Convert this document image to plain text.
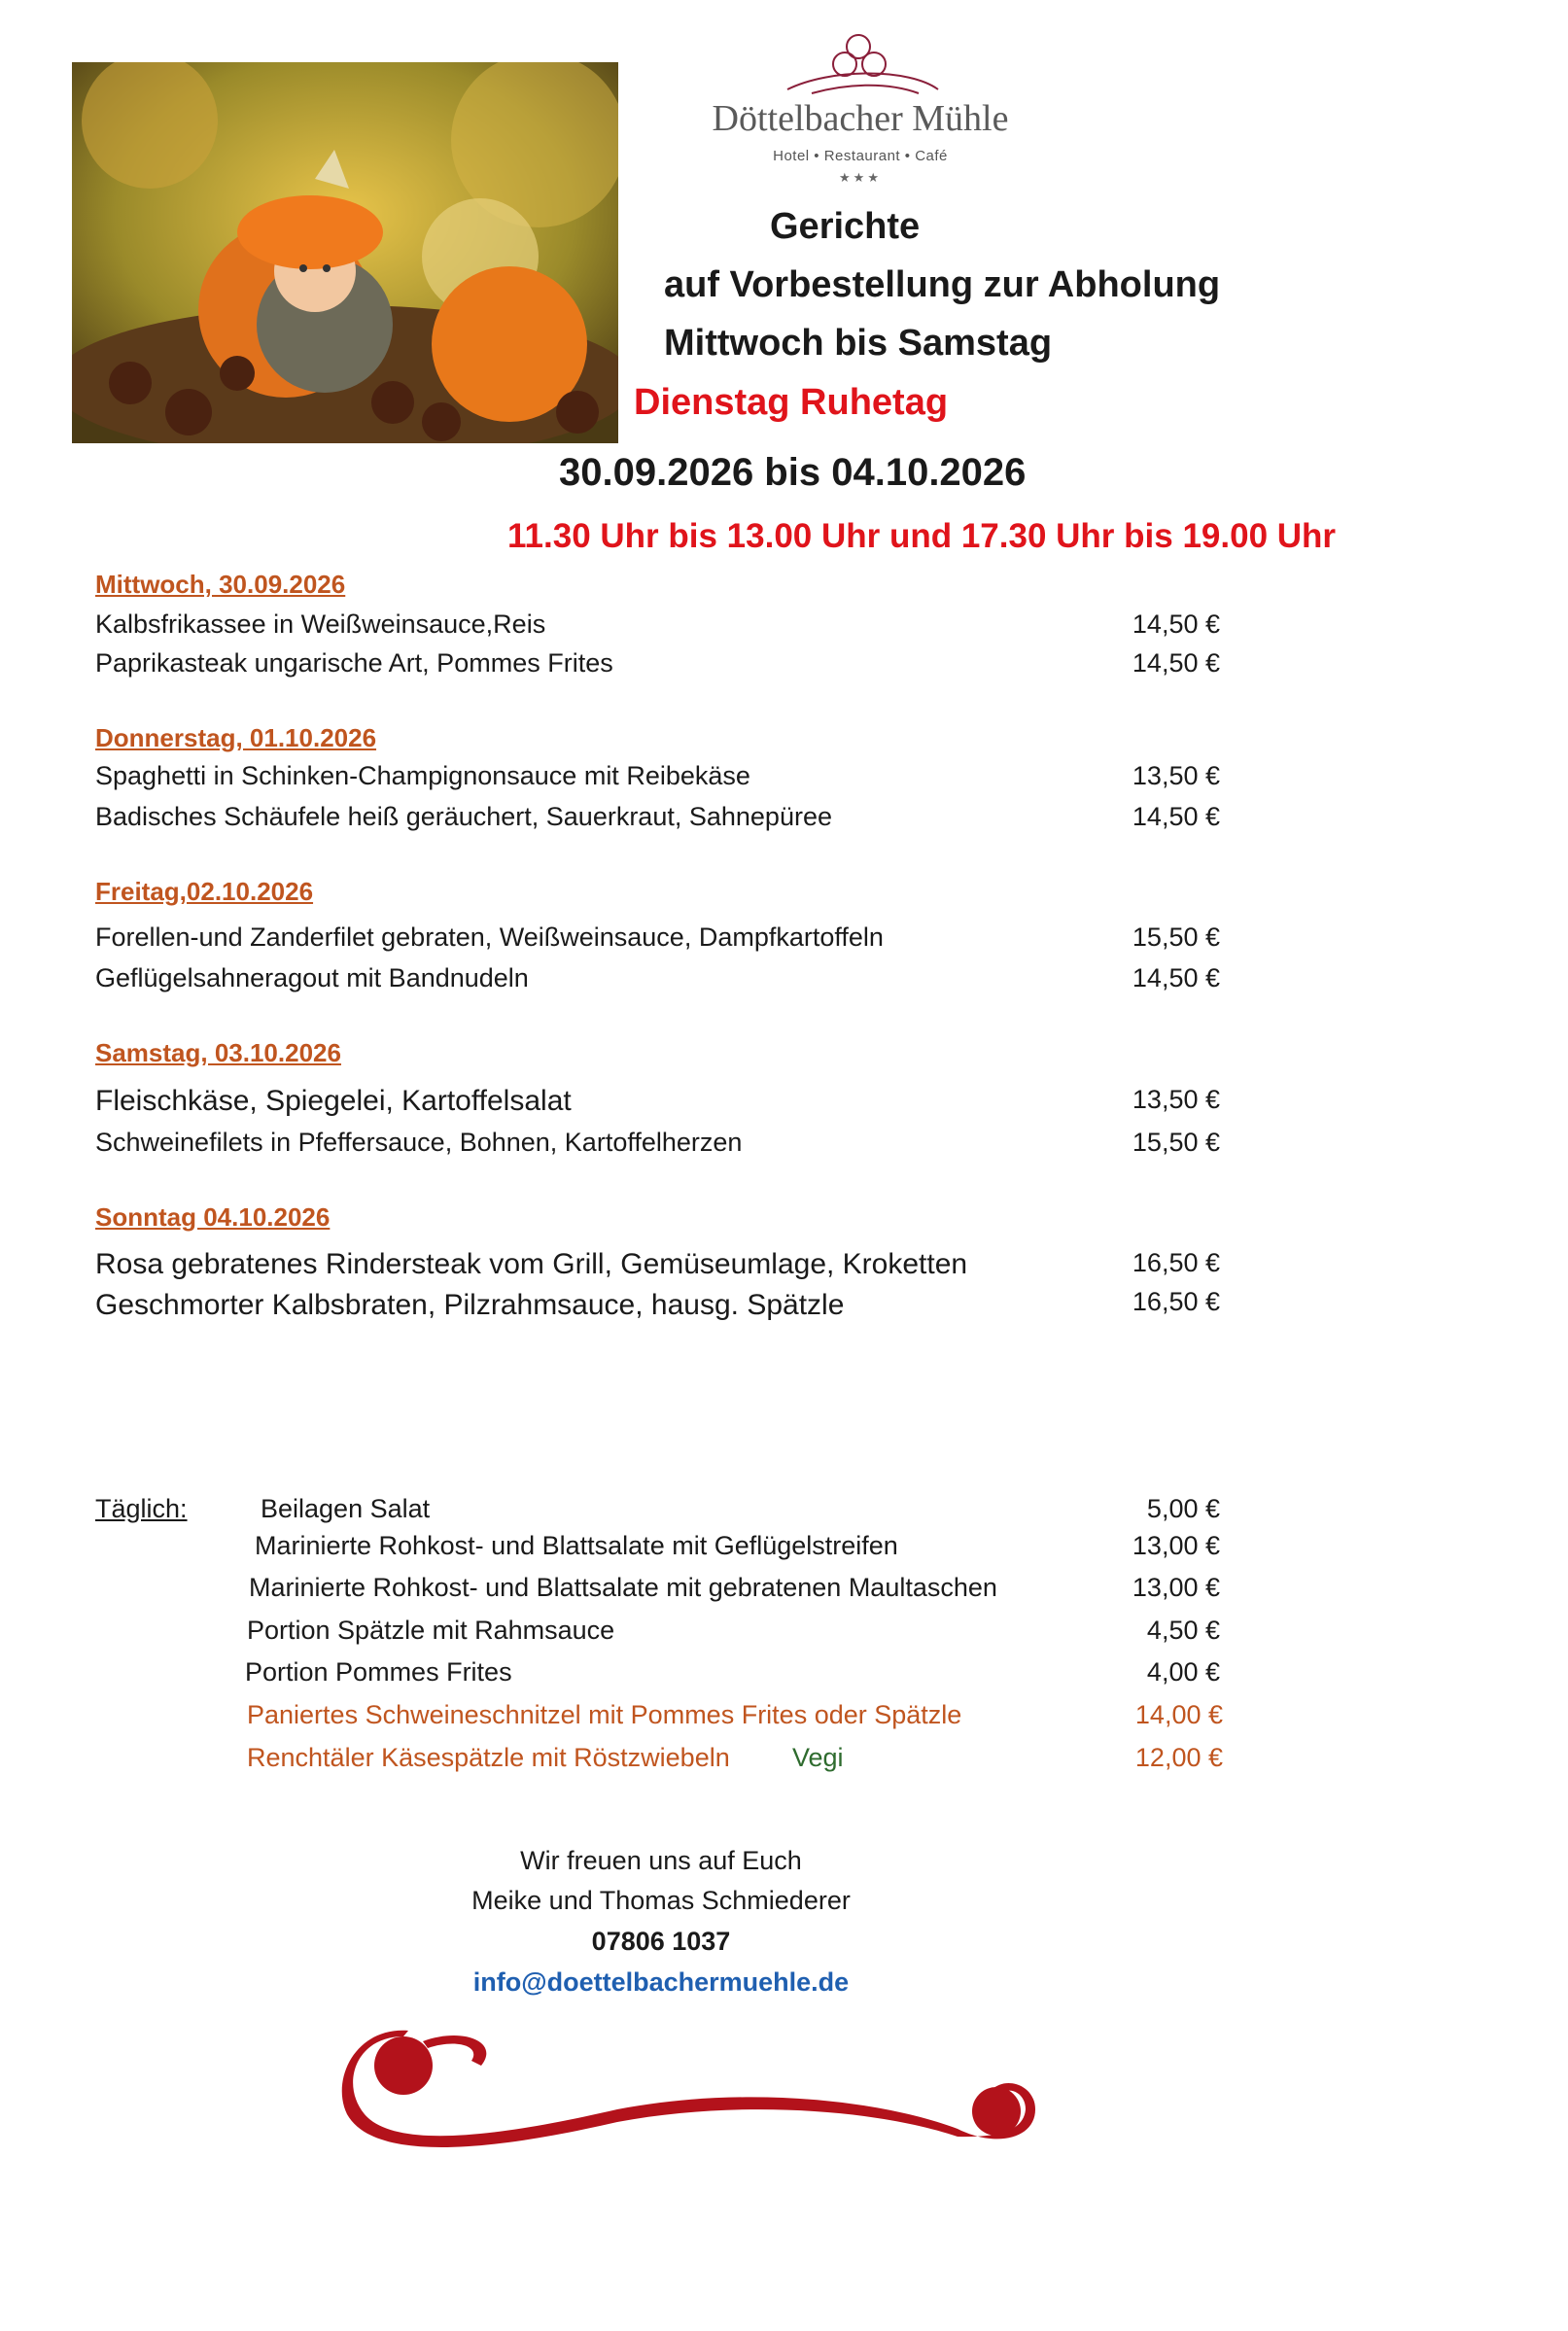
Döttelbacher Mühle
Hotel • Restaurant • Café
★★★
Gerichte
auf Vorbestellung zur Abholung
Mittwoch bis Samstag
Dienstag Ruhetag
30.09.2026 bis 04.10.2026
11.30 Uhr bis 13.00 Uhr und 17.30 Uhr bis 19.00 Uhr
Mittwoch, 30.09.2026
Kalbsfrikassee in Weißweinsauce,Reis	14,50 €
Paprikasteak ungarische Art, Pommes Frites	14,50 €
Donnerstag, 01.10.2026
Spaghetti in Schinken-Champignonsauce mit Reibekäse	13,50 €
Badisches Schäufele heiß geräuchert, Sauerkraut, Sahnepüree	14,50 €
Freitag,02.10.2026
Forellen-und Zanderfilet gebraten, Weißweinsauce, Dampfkartoffeln	15,50 €
Geflügelsahneragout mit Bandnudeln	14,50 €
Samstag, 03.10.2026
Fleischkäse, Spiegelei, Kartoffelsalat	13,50 €
Schweinefilets in Pfeffersauce, Bohnen, Kartoffelherzen	15,50 €
Sonntag 04.10.2026
Rosa gebratenes Rindersteak vom Grill, Gemüseumlage, Kroketten	16,50 €
Geschmorter Kalbsbraten, Pilzrahmsauce, hausg. Spätzle	16,50 €
Täglich:	Beilagen Salat	5,00 €
Marinierte Rohkost- und Blattsalate mit Geflügelstreifen	13,00 €
Marinierte Rohkost- und Blattsalate mit gebratenen Maultaschen	13,00 €
Portion Spätzle mit Rahmsauce	4,50 €
Portion Pommes Frites	4,00 €
Paniertes Schweineschnitzel mit Pommes Frites oder Spätzle	14,00 €
Renchtäler Käsespätzle mit Röstzwiebeln Vegi	12,00 €
Wir freuen uns auf Euch
Meike und Thomas Schmiederer
07806 1037
info@doettelbachermuehle.de
